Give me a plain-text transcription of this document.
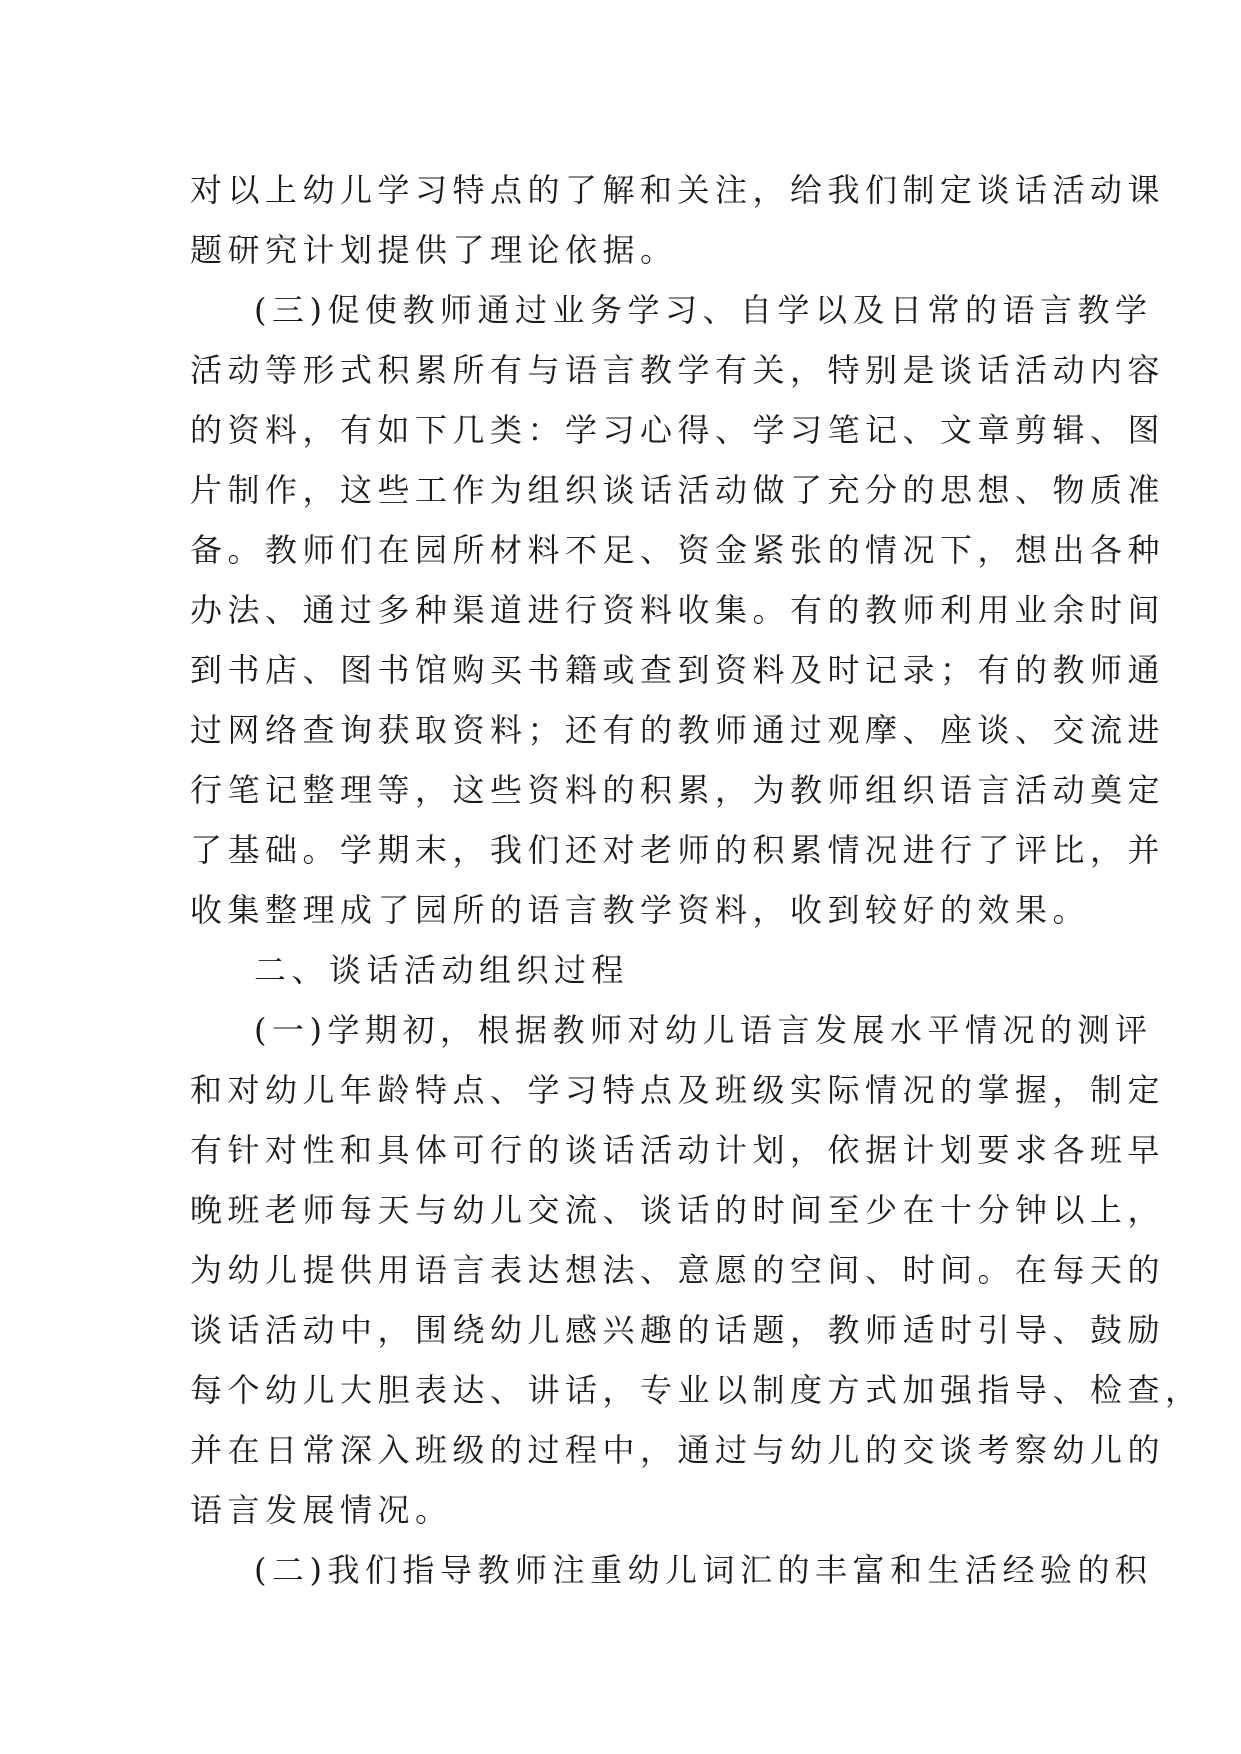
对以上幼儿学习特点的了解和关注，给我们制定谈话活动课
题研究计划提供了理论依据。
(三)促使教师通过业务学习、自学以及日常的语言教学
活动等形式积累所有与语言教学有关，特别是谈话活动内容
的资料，有如下几类：学习心得、学习笔记、文章剪辑、图
片制作，这些工作为组织谈话活动做了充分的思想、物质准
备。教师们在园所材料不足、资金紧张的情况下，想出各种
办法、通过多种渠道进行资料收集。有的教师利用业余时间
到书店、图书馆购买书籍或查到资料及时记录；有的教师通
过网络查询获取资料；还有的教师通过观摩、座谈、交流进
行笔记整理等，这些资料的积累，为教师组织语言活动奠定
了基础。学期末，我们还对老师的积累情况进行了评比，并
收集整理成了园所的语言教学资料，收到较好的效果。
二、谈话活动组织过程
(一)学期初，根据教师对幼儿语言发展水平情况的测评
和对幼儿年龄特点、学习特点及班级实际情况的掌握，制定
有针对性和具体可行的谈话活动计划，依据计划要求各班早
晚班老师每天与幼儿交流、谈话的时间至少在十分钟以上，
为幼儿提供用语言表达想法、意愿的空间、时间。在每天的
谈话活动中，围绕幼儿感兴趣的话题，教师适时引导、鼓励
每个幼儿大胆表达、讲话，专业以制度方式加强指导、检查，
并在日常深入班级的过程中，通过与幼儿的交谈考察幼儿的
语言发展情况。
(二)我们指导教师注重幼儿词汇的丰富和生活经验的积
